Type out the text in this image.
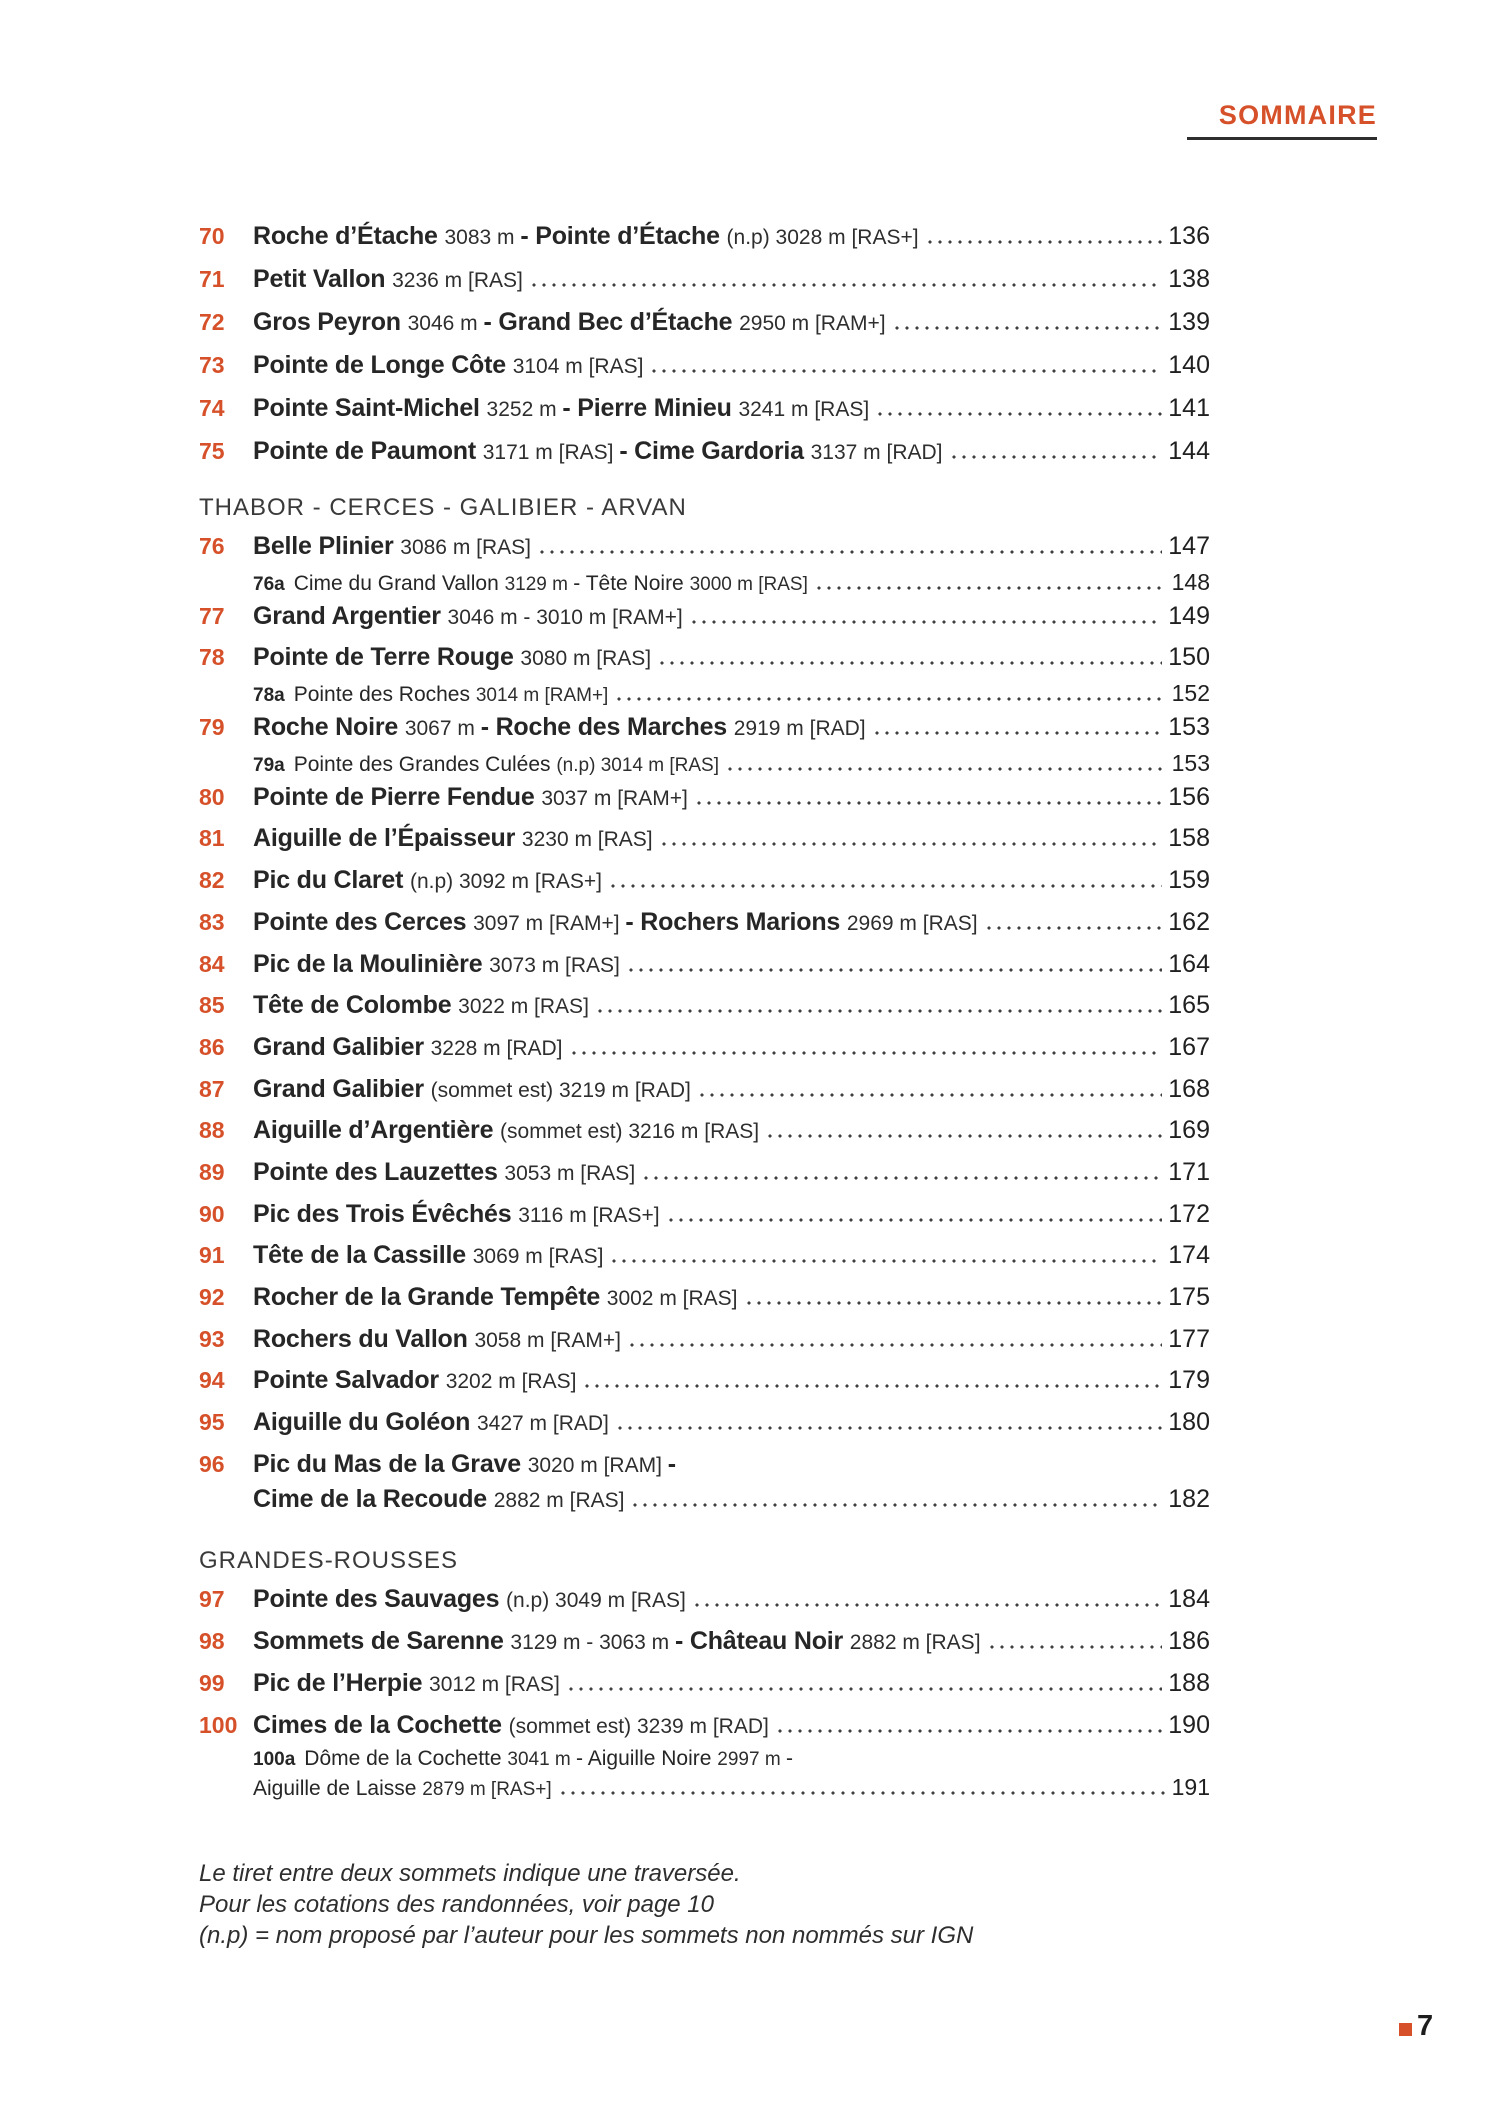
SOMMAIRE
70	Roche d’Étache 3083 m - Pointe d’Étache (n.p) 3028 m [RAS+]	136
71	Petit Vallon 3236 m [RAS]	138
72	Gros Peyron 3046 m - Grand Bec d’Étache 2950 m [RAM+]	139
73	Pointe de Longe Côte 3104 m [RAS]	140
74	Pointe Saint-Michel 3252 m - Pierre Minieu 3241 m [RAS]	141
75	Pointe de Paumont 3171 m [RAS] - Cime Gardoria 3137 m [RAD]	144
THABOR - CERCES - GALIBIER - ARVAN
76	Belle Plinier 3086 m [RAS]	147
76a Cime du Grand Vallon 3129 m - Tête Noire 3000 m [RAS]	148
77	Grand Argentier 3046 m - 3010 m [RAM+]	149
78	Pointe de Terre Rouge 3080 m [RAS]	150
78a Pointe des Roches 3014 m [RAM+]	152
79	Roche Noire 3067 m - Roche des Marches 2919 m [RAD]	153
79a Pointe des Grandes Culées (n.p) 3014 m [RAS]	153
80	Pointe de Pierre Fendue 3037 m [RAM+]	156
81	Aiguille de l’Épaisseur 3230 m [RAS]	158
82	Pic du Claret (n.p) 3092 m [RAS+]	159
83	Pointe des Cerces 3097 m [RAM+] - Rochers Marions 2969 m [RAS]	162
84	Pic de la Moulinière 3073 m [RAS]	164
85	Tête de Colombe 3022 m [RAS]	165
86	Grand Galibier 3228 m [RAD]	167
87	Grand Galibier (sommet est) 3219 m [RAD]	168
88	Aiguille d’Argentière (sommet est) 3216 m [RAS]	169
89	Pointe des Lauzettes 3053 m [RAS]	171
90	Pic des Trois Évêchés 3116 m [RAS+]	172
91	Tête de la Cassille 3069 m [RAS]	174
92	Rocher de la Grande Tempête 3002 m [RAS]	175
93	Rochers du Vallon 3058 m [RAM+]	177
94	Pointe Salvador 3202 m [RAS]	179
95	Aiguille du Goléon 3427 m [RAD]	180
96	Pic du Mas de la Grave 3020 m [RAM] -
Cime de la Recoude 2882 m [RAS]	182
GRANDES-ROUSSES
97	Pointe des Sauvages (n.p) 3049 m [RAS]	184
98	Sommets de Sarenne 3129 m - 3063 m - Château Noir 2882 m [RAS]	186
99	Pic de l’Herpie 3012 m [RAS]	188
100 Cimes de la Cochette (sommet est) 3239 m [RAD]	190
100a Dôme de la Cochette 3041 m - Aiguille Noire 2997 m -
Aiguille de Laisse 2879 m [RAS+]	191

Le tiret entre deux sommets indique une traversée.

Pour les cotations des randonnées, voir page 10

(n.p) = nom proposé par l’auteur pour les sommets non nommés sur IGN

7
